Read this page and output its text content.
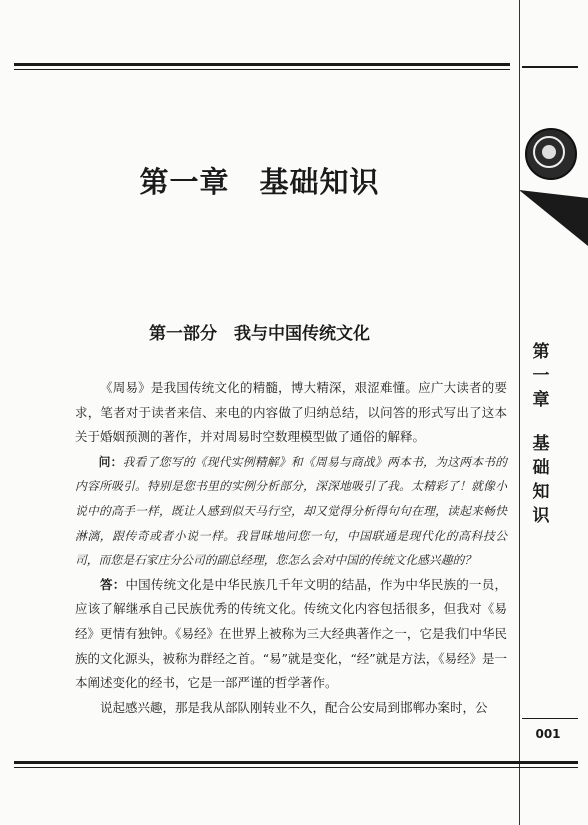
第一章　基础知识
第一部分　我与中国传统文化

《周易》是我国传统文化的精髓，博大精深，艰涩难懂。应广大读者的要求，笔者对于读者来信、来电的内容做了归纳总结，以问答的形式写出了这本关于婚姻预测的著作，并对周易时空数理模型做了通俗的解释。

问：我看了您写的《现代实例精解》和《周易与商战》两本书，为这两本书的内容所吸引。特别是您书里的实例分析部分，深深地吸引了我。太精彩了！就像小说中的高手一样，既让人感到似天马行空，却又觉得分析得句句在理，读起来畅快淋漓，跟传奇或者小说一样。我冒昧地问您一句，中国联通是现代化的高科技公司，而您是石家庄分公司的副总经理，您怎么会对中国的传统文化感兴趣的？

答：中国传统文化是中华民族几千年文明的结晶，作为中华民族的一员，应该了解继承自己民族优秀的传统文化。传统文化内容包括很多，但我对《易经》更情有独钟。《易经》在世界上被称为三大经典著作之一，它是我们中华民族的文化源头，被称为群经之首。“易”就是变化，“经”就是方法，《易经》是一本阐述变化的经书，它是一部严谨的哲学著作。

说起感兴趣，那是我从部队刚转业不久，配合公安局到邯郸办案时，公

第
一
章
基
础
知
识
001
